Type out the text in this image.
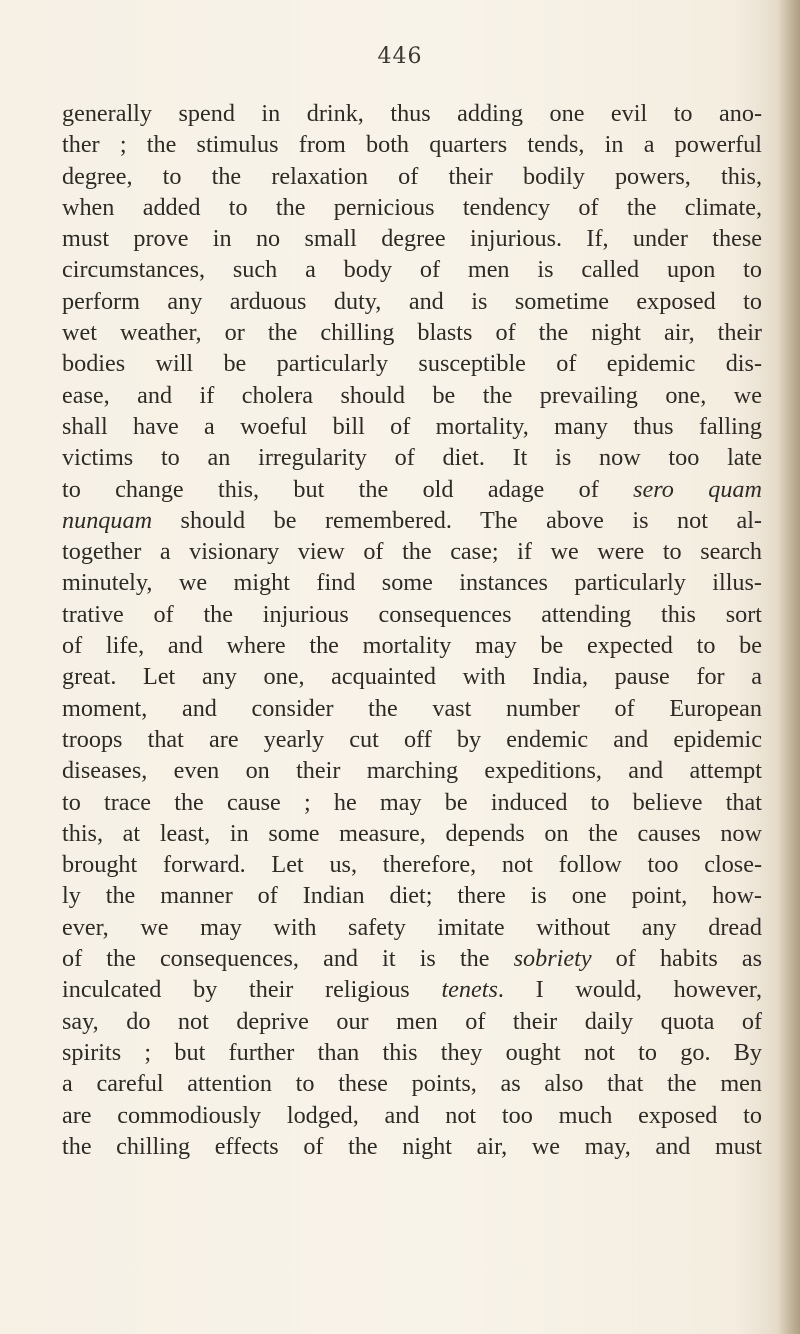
446
generally spend in drink, thus adding one evil to ano-
ther ; the stimulus from both quarters tends, in a powerful
degree, to the relaxation of their bodily powers, this,
when added to the pernicious tendency of the climate,
must prove in no small degree injurious. If, under these
circumstances, such a body of men is called upon to
perform any arduous duty, and is sometime exposed to
wet weather, or the chilling blasts of the night air, their
bodies will be particularly susceptible of epidemic dis-
ease, and if cholera should be the prevailing one, we
shall have a woeful bill of mortality, many thus falling
victims to an irregularity of diet. It is now too late
to change this, but the old adage of sero quam
nunquam should be remembered. The above is not al-
together a visionary view of the case; if we were to search
minutely, we might find some instances particularly illus-
trative of the injurious consequences attending this sort
of life, and where the mortality may be expected to be
great. Let any one, acquainted with India, pause for a
moment, and consider the vast number of European
troops that are yearly cut off by endemic and epidemic
diseases, even on their marching expeditions, and attempt
to trace the cause ; he may be induced to believe that
this, at least, in some measure, depends on the causes now
brought forward. Let us, therefore, not follow too close-
ly the manner of Indian diet; there is one point, how-
ever, we may with safety imitate without any dread
of the consequences, and it is the sobriety of habits as
inculcated by their religious tenets. I would, however,
say, do not deprive our men of their daily quota of
spirits ; but further than this they ought not to go. By
a careful attention to these points, as also that the men
are commodiously lodged, and not too much exposed to
the chilling effects of the night air, we may, and must
